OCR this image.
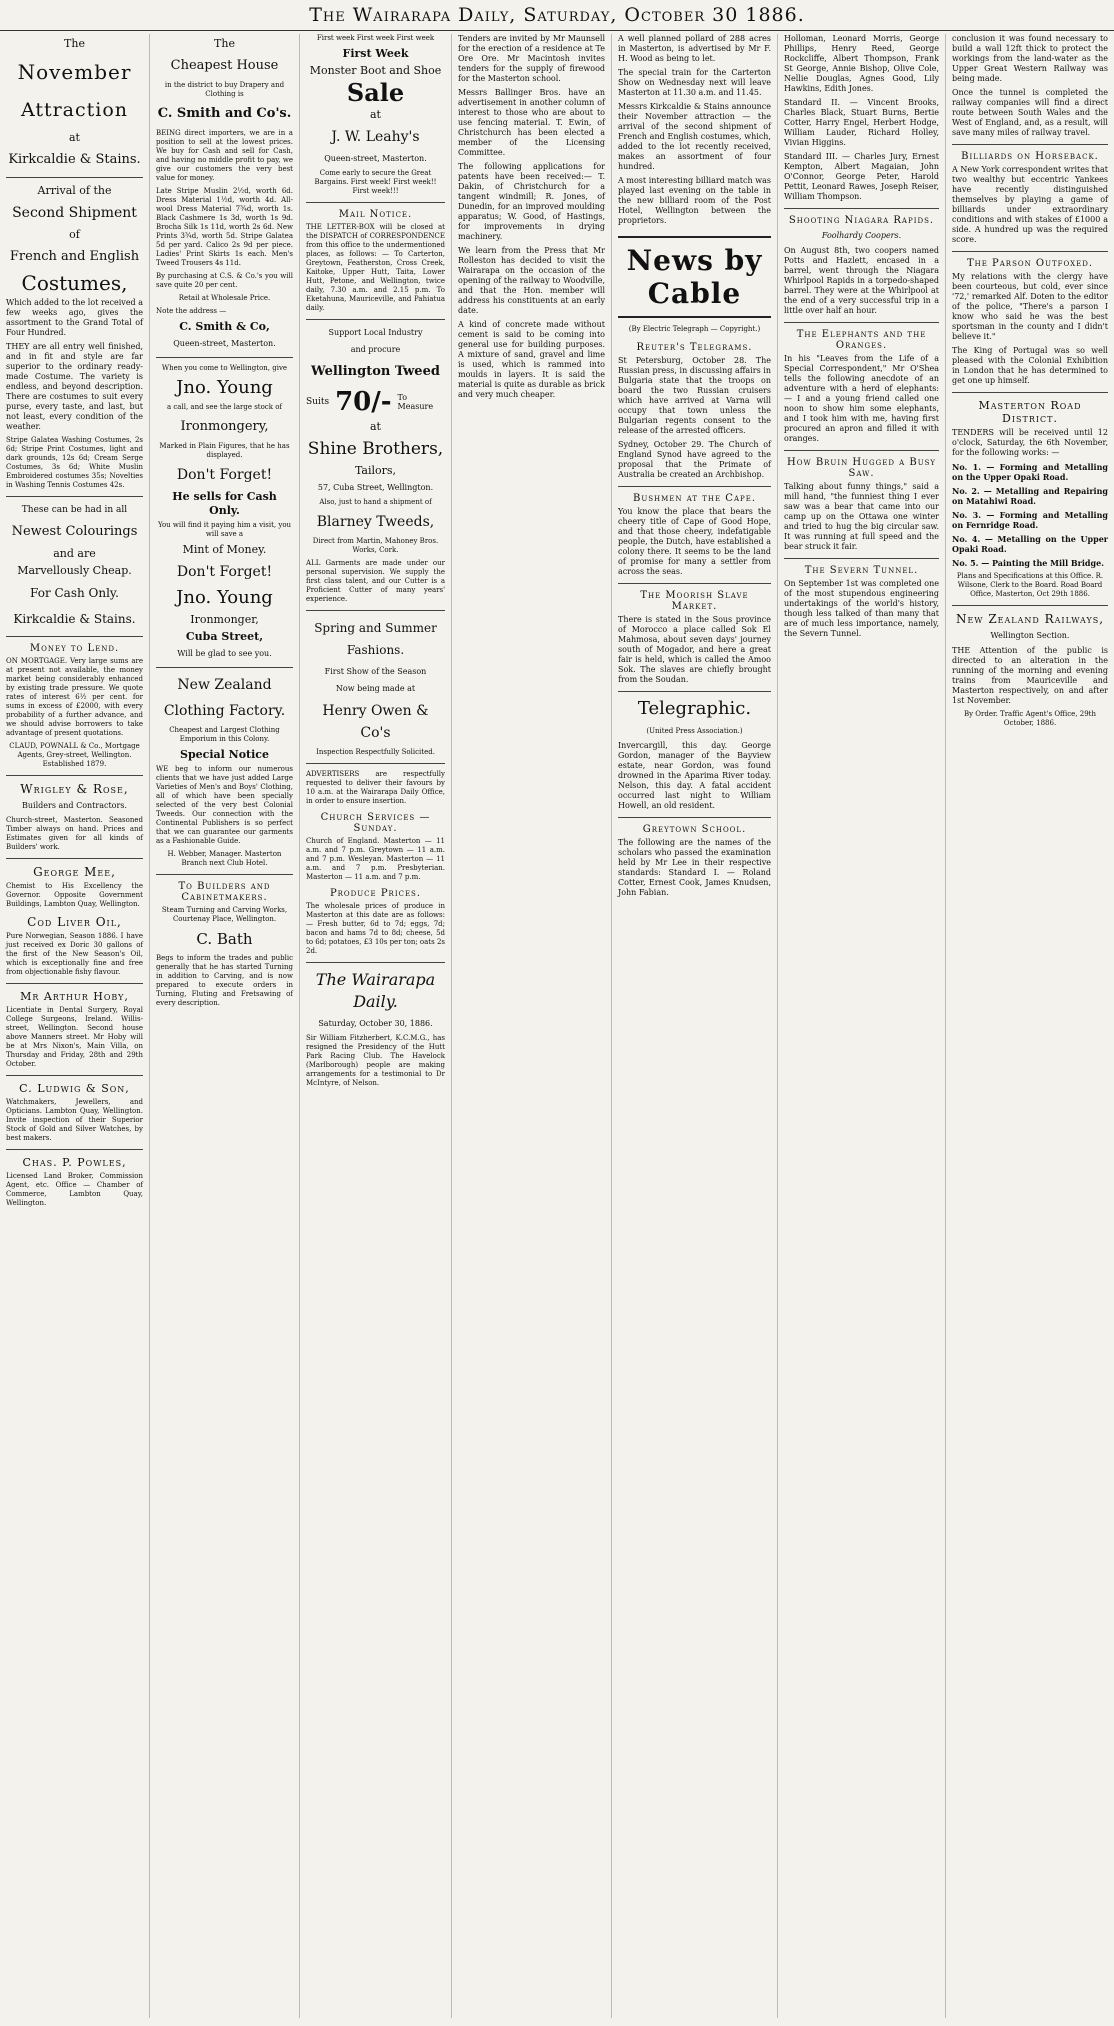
The Wairarapa Daily, Saturday, October 30 1886.
The
November
Attraction
at
Kirkcaldie & Stains.
Arrival of the
Second Shipment
of
French and English
Costumes,

Which added to the lot received a few weeks ago, gives the assortment to the Grand Total of Four Hundred.

THEY are all entry well finished, and in fit and style are far superior to the ordinary ready-made Costume. The variety is endless, and beyond description. There are costumes to suit every purse, every taste, and last, but not least, every condition of the weather.

Stripe Galatea Washing Costumes, 2s 6d; Stripe Print Costumes, light and dark grounds, 12s 6d; Cream Serge Costumes, 3s 6d; White Muslin Embroidered costumes 35s; Novelties in Washing Tennis Costumes 42s.

These can be had in all
Newest Colourings
and are
Marvellously Cheap.
For Cash Only.
Kirkcaldie & Stains.
Money to Lend.

ON MORTGAGE. Very large sums are at present not available, the money market being considerably enhanced by existing trade pressure. We quote rates of interest 6½ per cent. for sums in excess of £2000, with every probability of a further advance, and we should advise borrowers to take advantage of present quotations.

CLAUD, POWNALL & Co., Mortgage Agents, Grey-street, Wellington. Established 1879.

Wrigley & Rose,
Builders and Contractors.

Church-street, Masterton. Seasoned Timber always on hand. Prices and Estimates given for all kinds of Builders' work.

George Mee,

Chemist to His Excellency the Governor. Opposite Government Buildings, Lambton Quay, Wellington.

Cod Liver Oil,

Pure Norwegian, Season 1886. I have just received ex Doric 30 gallons of the first of the New Season's Oil, which is exceptionally fine and free from objectionable fishy flavour.

Mr Arthur Hoby,

Licentiate in Dental Surgery, Royal College Surgeons, Ireland. Willis-street, Wellington. Second house above Manners street. Mr Hoby will be at Mrs Nixon's, Main Villa, on Thursday and Friday, 28th and 29th October.

C. Ludwig & Son,

Watchmakers, Jewellers, and Opticians. Lambton Quay, Wellington. Invite inspection of their Superior Stock of Gold and Silver Watches, by best makers.

Chas. P. Powles,

Licensed Land Broker, Commission Agent, etc. Office — Chamber of Commerce, Lambton Quay, Wellington.

The
Cheapest House

in the district to buy Drapery and Clothing is

C. Smith and Co's.

BEING direct importers, we are in a position to sell at the lowest prices. We buy for Cash and sell for Cash, and having no middle profit to pay, we give our customers the very best value for money.

Late Stripe Muslin 2½d, worth 6d. Dress Material 1½d, worth 4d. All-wool Dress Material 7¾d, worth 1s. Black Cashmere 1s 3d, worth 1s 9d. Brocha Silk 1s 11d, worth 2s 6d. New Prints 3¾d, worth 5d. Stripe Galatea 5d per yard. Calico 2s 9d per piece. Ladies' Print Skirts 1s each. Men's Tweed Trousers 4s 11d.

By purchasing at C.S. & Co.'s you will save quite 20 per cent.

Retail at Wholesale Price.

Note the address —

C. Smith & Co,
Queen-street, Masterton.

When you come to Wellington, give

Jno. Young

a call, and see the large stock of

Ironmongery,

Marked in Plain Figures, that he has displayed.

Don't Forget!
He sells for Cash Only.

You will find it paying him a visit, you will save a

Mint of Money.
Don't Forget!
Jno. Young
Ironmonger,
Cuba Street,
Will be glad to see you.
New Zealand
Clothing Factory.

Cheapest and Largest Clothing Emporium in this Colony.

Special Notice

WE beg to inform our numerous clients that we have just added Large Varieties of Men's and Boys' Clothing, all of which have been specially selected of the very best Colonial Tweeds. Our connection with the Continental Publishers is so perfect that we can guarantee our garments as a Fashionable Guide.

H. Webber, Manager. Masterton Branch next Club Hotel.

To Builders and Cabinetmakers.

Steam Turning and Carving Works, Courtenay Place, Wellington.

C. Bath

Begs to inform the trades and public generally that he has started Turning in addition to Carving, and is now prepared to execute orders in Turning, Fluting and Fretsawing of every description.

First week First week First week

First Week
Monster Boot and Shoe
Sale
at
J. W. Leahy's
Queen-street, Masterton.

Come early to secure the Great Bargains. First week! First week!! First week!!!

Mail Notice.

THE LETTER-BOX will be closed at the DISPATCH of CORRESPONDENCE from this office to the undermentioned places, as follows: — To Carterton, Greytown, Featherston, Cross Creek, Kaitoke, Upper Hutt, Taita, Lower Hutt, Petone, and Wellington, twice daily, 7.30 a.m. and 2.15 p.m. To Eketahuna, Mauriceville, and Pahiatua daily.

Support Local Industry
and procure
Wellington Tweed
Suits 70/- To Measure
at
Shine Brothers,
Tailors,
57, Cuba Street, Wellington.

Also, just to hand a shipment of

Blarney Tweeds,

Direct from Martin, Mahoney Bros. Works, Cork.

ALL Garments are made under our personal supervision. We supply the first class talent, and our Cutter is a Proficient Cutter of many years' experience.

Spring and Summer Fashions.
First Show of the Season
Now being made at
Henry Owen & Co's

Inspection Respectfully Solicited.

ADVERTISERS are respectfully requested to deliver their favours by 10 a.m. at the Wairarapa Daily Office, in order to ensure insertion.

Church Services — Sunday.

Church of England. Masterton — 11 a.m. and 7 p.m. Greytown — 11 a.m. and 7 p.m. Wesleyan. Masterton — 11 a.m. and 7 p.m. Presbyterian. Masterton — 11 a.m. and 7 p.m.

Produce Prices.

The wholesale prices of produce in Masterton at this date are as follows:— Fresh butter, 6d to 7d; eggs, 7d; bacon and hams 7d to 8d; cheese, 5d to 6d; potatoes, £3 10s per ton; oats 2s 2d.

The Wairarapa Daily.
Saturday, October 30, 1886.

Sir William Fitzherbert, K.C.M.G., has resigned the Presidency of the Hutt Park Racing Club. The Havelock (Marlborough) people are making arrangements for a testimonial to Dr McIntyre, of Nelson.

Tenders are invited by Mr Maunsell for the erection of a residence at Te Ore Ore. Mr Macintosh invites tenders for the supply of firewood for the Masterton school.

Messrs Ballinger Bros. have an advertisement in another column of interest to those who are about to use fencing material. T. Ewin, of Christchurch has been elected a member of the Licensing Committee.

The following applications for patents have been received:— T. Dakin, of Christchurch for a tangent windmill; R. Jones, of Dunedin, for an improved moulding apparatus; W. Good, of Hastings, for improvements in drying machinery.

We learn from the Press that Mr Rolleston has decided to visit the Wairarapa on the occasion of the opening of the railway to Woodville, and that the Hon. member will address his constituents at an early date.

A kind of concrete made without cement is said to be coming into general use for building purposes. A mixture of sand, gravel and lime is used, which is rammed into moulds in layers. It is said the material is quite as durable as brick and very much cheaper.

A well planned pollard of 288 acres in Masterton, is advertised by Mr F. H. Wood as being to let.

The special train for the Carterton Show on Wednesday next will leave Masterton at 11.30 a.m. and 11.45.

Messrs Kirkcaldie & Stains announce their November attraction — the arrival of the second shipment of French and English costumes, which, added to the lot recently received, makes an assortment of four hundred.

A most interesting billiard match was played last evening on the table in the new billiard room of the Post Hotel, Wellington between the proprietors.

News by Cable
(By Electric Telegraph — Copyright.)
Reuter's Telegrams.

St Petersburg, October 28. The Russian press, in discussing affairs in Bulgaria state that the troops on board the two Russian cruisers which have arrived at Varna will occupy that town unless the Bulgarian regents consent to the release of the arrested officers.

Sydney, October 29. The Church of England Synod have agreed to the proposal that the Primate of Australia be created an Archbishop.

Bushmen at the Cape.

You know the place that bears the cheery title of Cape of Good Hope, and that those cheery, indefatigable people, the Dutch, have established a colony there. It seems to be the land of promise for many a settler from across the seas.

The Moorish Slave Market.

There is stated in the Sous province of Morocco a place called Sok El Mahmosa, about seven days' journey south of Mogador, and here a great fair is held, which is called the Amoo Sok. The slaves are chiefly brought from the Soudan.

Telegraphic.
(United Press Association.)

Invercargill, this day. George Gordon, manager of the Bayview estate, near Gordon, was found drowned in the Aparima River today. Nelson, this day. A fatal accident occurred last night to William Howell, an old resident.

Greytown School.

The following are the names of the scholars who passed the examination held by Mr Lee in their respective standards: Standard I. — Roland Cotter, Ernest Cook, James Knudsen, John Fabian.

Holloman, Leonard Morris, George Phillips, Henry Reed, George Rockcliffe, Albert Thompson, Frank St George, Annie Bishop, Olive Cole, Nellie Douglas, Agnes Good, Lily Hawkins, Edith Jones.

Standard II. — Vincent Brooks, Charles Black, Stuart Burns, Bertie Cotter, Harry Engel, Herbert Hodge, William Lauder, Richard Holley, Vivian Higgins.

Standard III. — Charles Jury, Ernest Kempton, Albert Magaian, John O'Connor, George Peter, Harold Pettit, Leonard Rawes, Joseph Reiser, William Thompson.

Shooting Niagara Rapids.
Foolhardy Coopers.

On August 8th, two coopers named Potts and Hazlett, encased in a barrel, went through the Niagara Whirlpool Rapids in a torpedo-shaped barrel. They were at the Whirlpool at the end of a very successful trip in a little over half an hour.

The Elephants and the Oranges.

In his "Leaves from the Life of a Special Correspondent," Mr O'Shea tells the following anecdote of an adventure with a herd of elephants: — I and a young friend called one noon to show him some elephants, and I took him with me, having first procured an apron and filled it with oranges.

How Bruin Hugged a Busy Saw.

Talking about funny things," said a mill hand, "the funniest thing I ever saw was a bear that came into our camp up on the Ottawa one winter and tried to hug the big circular saw. It was running at full speed and the bear struck it fair.

The Severn Tunnel.

On September 1st was completed one of the most stupendous engineering undertakings of the world's history, though less talked of than many that are of much less importance, namely, the Severn Tunnel.

conclusion it was found necessary to build a wall 12ft thick to protect the workings from the land-water as the Upper Great Western Railway was being made.

Once the tunnel is completed the railway companies will find a direct route between South Wales and the West of England, and, as a result, will save many miles of railway travel.

Billiards on Horseback.

A New York correspondent writes that two wealthy but eccentric Yankees have recently distinguished themselves by playing a game of billiards under extraordinary conditions and with stakes of £1000 a side. A hundred up was the required score.

The Parson Outfoxed.

My relations with the clergy have been courteous, but cold, ever since '72,' remarked Alf. Doten to the editor of the police, "There's a parson I know who said he was the best sportsman in the county and I didn't believe it."

The King of Portugal was so well pleased with the Colonial Exhibition in London that he has determined to get one up himself.

Masterton Road District.

TENDERS will be received until 12 o'clock, Saturday, the 6th November, for the following works: —

No. 1. — Forming and Metalling on the Upper Opaki Road.

No. 2. — Metalling and Repairing on Matahiwi Road.

No. 3. — Forming and Metalling on Fernridge Road.

No. 4. — Metalling on the Upper Opaki Road.

No. 5. — Painting the Mill Bridge.

Plans and Specifications at this Office. R. Wilsone, Clerk to the Board. Road Board Office, Masterton, Oct 29th 1886.

New Zealand Railways,
Wellington Section.

THE Attention of the public is directed to an alteration in the running of the morning and evening trains from Mauriceville and Masterton respectively, on and after 1st November.

By Order. Traffic Agent's Office, 29th October, 1886.
